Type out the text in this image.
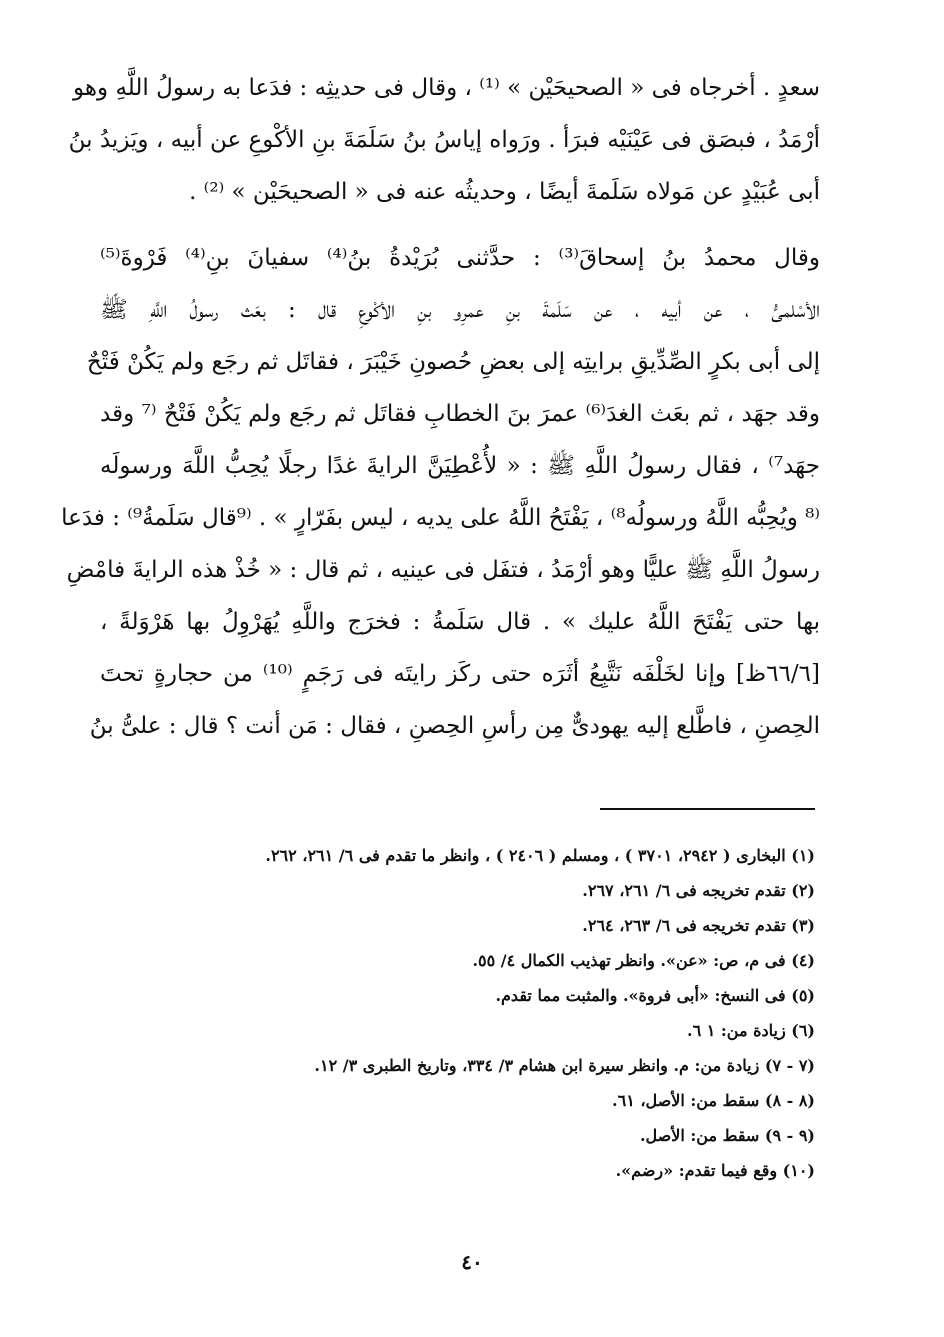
سعدٍ . أخرجاه فى « الصحيحَيْن » ⁽¹⁾ ، وقال فى حديثِه : فدَعا به رسولُ اللَّهِ وهو
أرْمَدُ ، فبصَق فى عَيْنَيْه فبرَأ . ورَواه إياسُ بنُ سَلَمَةَ بنِ الأكْوعِ عن أبيه ، ويَزيدُ بنُ
أبى عُبَيْدٍ عن مَولاه سَلَمةَ أيضًا ، وحديثُه عنه فى « الصحيحَيْن » ⁽²⁾ .
وقال محمدُ بنُ إسحاقَ⁽³⁾ : حدَّثنى بُرَيْدةُ بنُ⁽⁴⁾ سفيانَ بنِ⁽⁴⁾ فَرْوةَ⁽⁵⁾
الأسْلمىُّ ، عن أبيه ، عن سَلَمةَ بنِ عمرِو بنِ الأكْوعِ قال : بعَث رسولُ اللَّهِ ﷺ
إلى أبى بكرٍ الصِّدِّيقِ برايتِه إلى بعضِ حُصونِ خَيْبَرَ ، فقاتَل ثم رجَع ولم يَكُنْ فَتْحٌ
وقد جهَد ، ثم بعَث الغدَ⁽⁶⁾ عمرَ بنَ الخطابِ فقاتَل ثم رجَع ولم يَكُنْ فَتْحٌ ⁽⁷ وقد
جهَد⁷⁾ ، فقال رسولُ اللَّهِ ﷺ : « لأُعْطِيَنَّ الرايةَ غدًا رجلًا يُحِبُّ اللَّهَ ورسولَه
⁽⁸ ويُحِبُّه اللَّهُ ورسولُه⁸⁾ ، يَفْتَحُ اللَّهُ على يديه ، ليس بفَرّارٍ » . ⁽⁹قال سَلَمةُ⁹⁾ : فدَعا
رسولُ اللَّهِ ﷺ عليًّا وهو أرْمَدُ ، فتفَل فى عينيه ، ثم قال : « خُذْ هذه الرايةَ فامْضِ
بها حتى يَفْتَحَ اللَّهُ عليك » . قال سَلَمةُ : فخرَج واللَّهِ يُهَرْوِلُ بها هَرْوَلةً ،
[٦٦/٦ظ] وإنا لخَلْفَه نَتَّبِعُ أثَرَه حتى ركَز رايتَه فى رَجَمٍ ⁽¹⁰⁾ من حجارةٍ تحتَ
الحِصنِ ، فاطَّلع إليه يهودىٌّ مِن رأسِ الحِصنِ ، فقال : مَن أنت ؟ قال : علىُّ بنُ
(١) البخارى ( ٢٩٤٢، ٣٧٠١ ) ، ومسلم ( ٢٤٠٦ ) ، وانظر ما تقدم فى ٦/ ٢٦١، ٢٦٢.
(٢) تقدم تخريجه فى ٦/ ٢٦١، ٢٦٧.
(٣) تقدم تخريجه فى ٦/ ٢٦٣، ٢٦٤.
(٤) فى م، ص: «عن». وانظر تهذيب الكمال ٤/ ٥٥.
(٥) فى النسخ: «أبى فروة». والمثبت مما تقدم.
(٦) زيادة من: ١ ٦.
(٧ - ٧) زيادة من: م. وانظر سيرة ابن هشام ٣/ ٣٣٤، وتاريخ الطبرى ٣/ ١٢.
(٨ - ٨) سقط من: الأصل، ٦١.
(٩ - ٩) سقط من: الأصل.
(١٠) وقع فيما تقدم: «رضم».
٤٠
